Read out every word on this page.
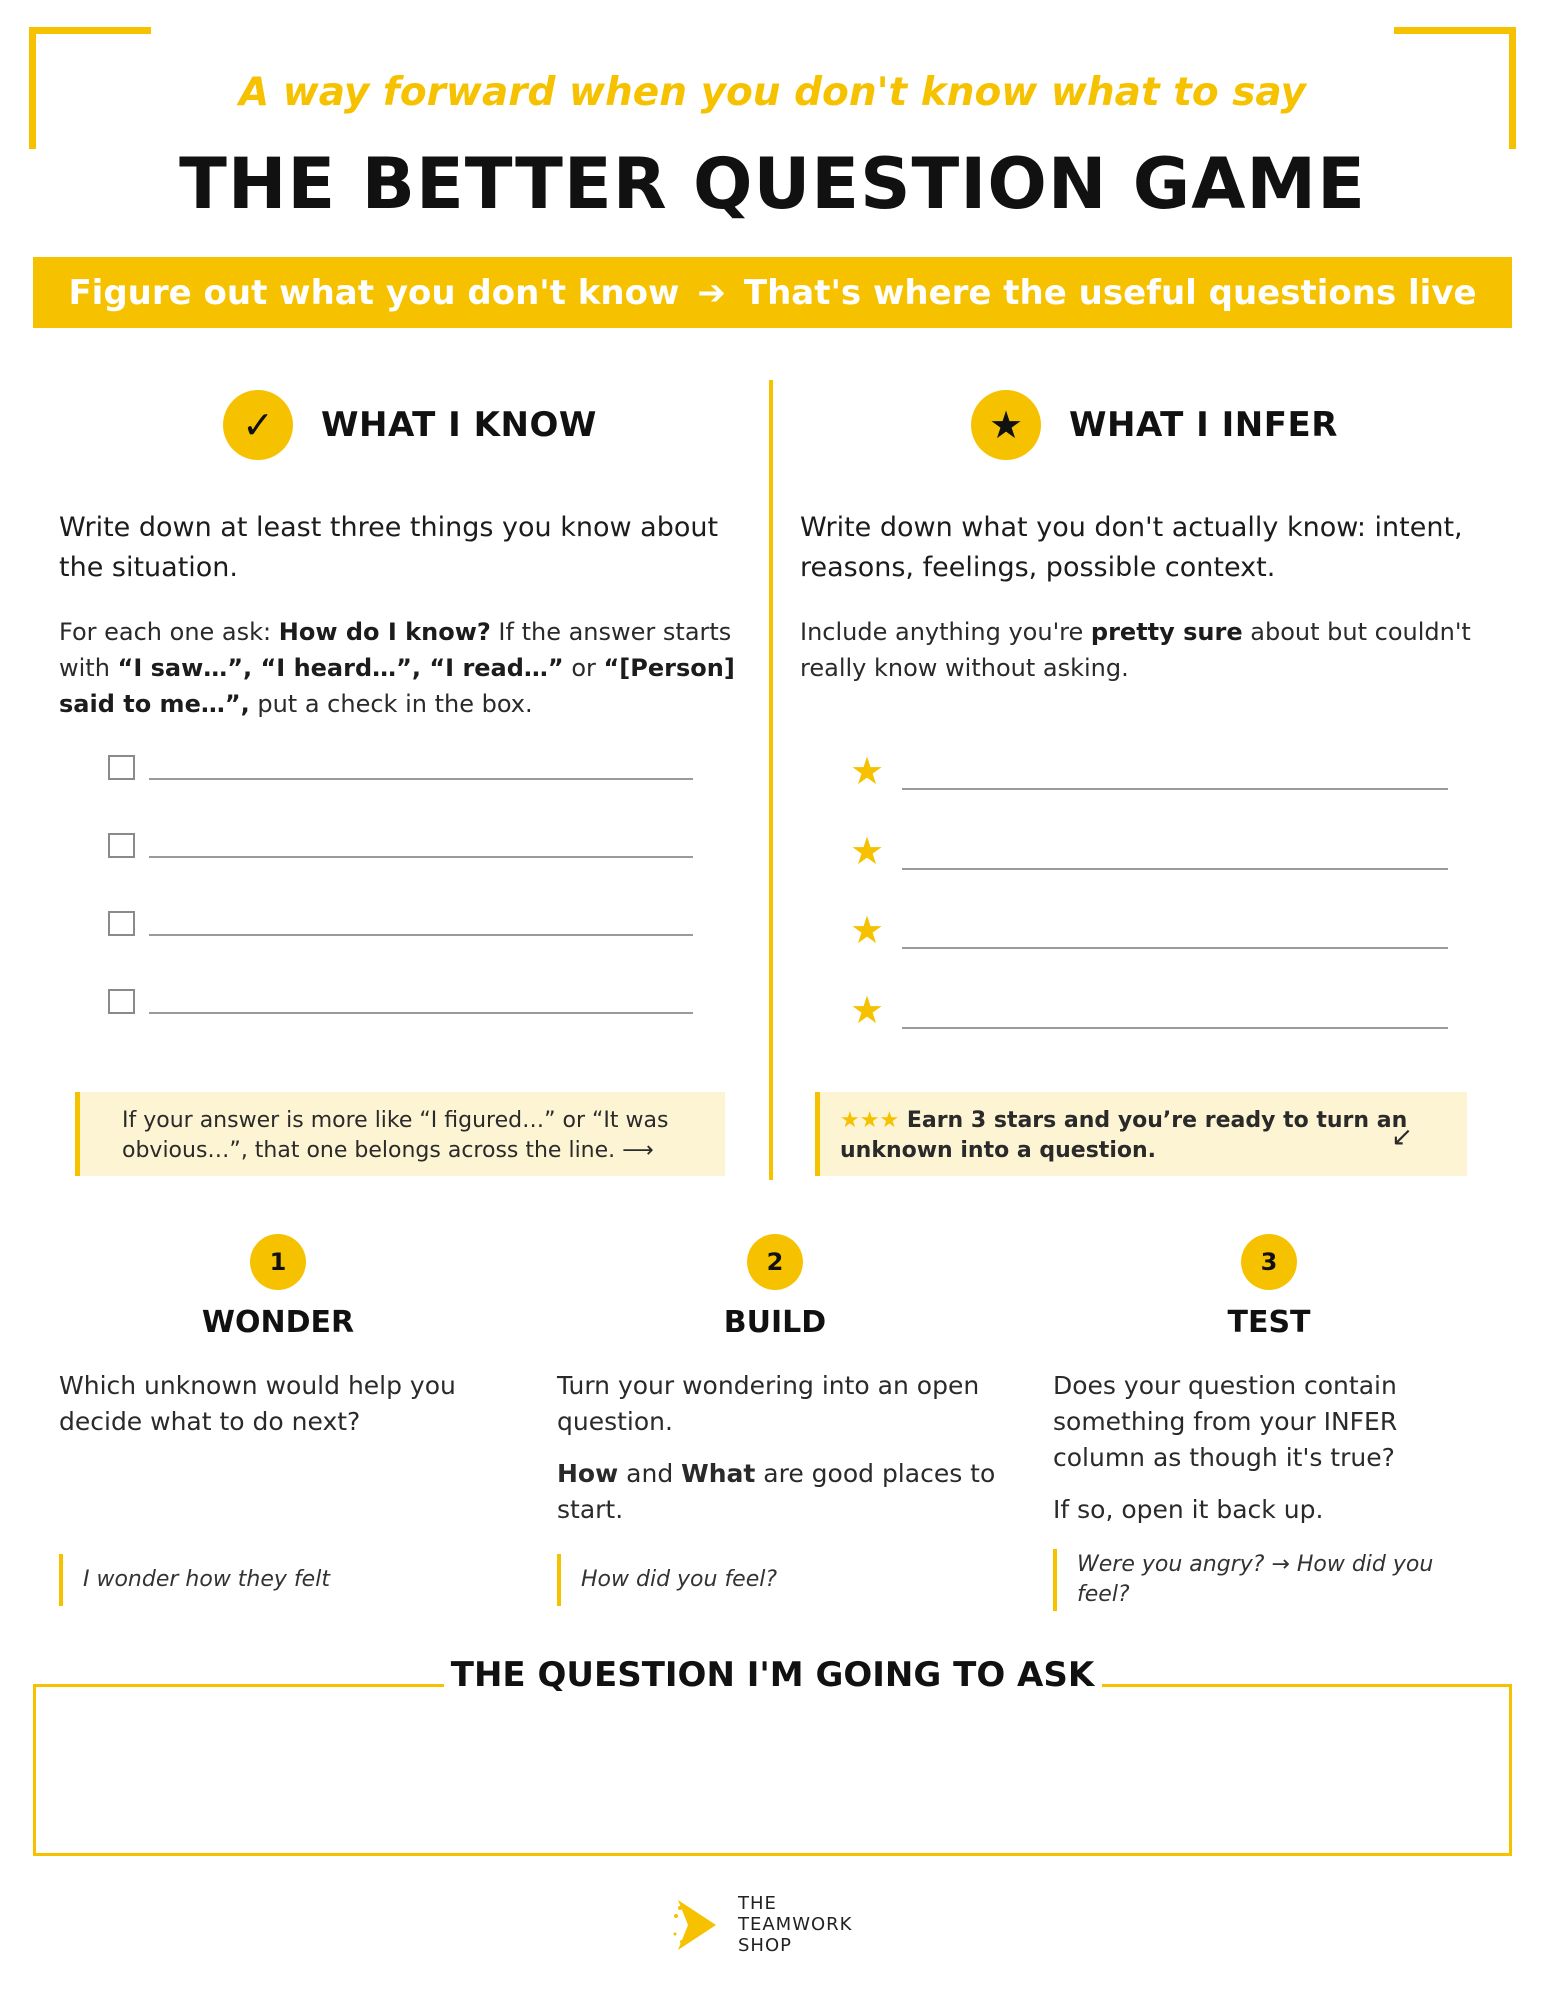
A way forward when you don't know what to say
THE BETTER QUESTION GAME
Figure out what you don't know ➔ That's where the useful questions live
✓	WHAT I KNOW
Write down at least three things you know about the situation.
For each one ask: How do I know? If the answer starts with “I saw…”, “I heard…”, “I read…” or “[Person] said to me…”, put a check in the box.
★	WHAT I INFER
Write down what you don't actually know: intent, reasons, feelings, possible context.
Include anything you're pretty sure about but couldn't really know without asking.
★
★
★
★
If your answer is more like “I figured…” or “It was obvious…”, that one belongs across the line. ⟶
★★★ Earn 3 stars and you’re ready to turn an unknown into a question.	↙
1
WONDER

Which unknown would help you decide what to do next?

I wonder how they felt
2
BUILD

Turn your wondering into an open question.

How and What are good places to start.

How did you feel?
3
TEST

Does your question contain something from your INFER column as though it's true?

If so, open it back up.

Were you angry? → How did you feel?
THE QUESTION I'M GOING TO ASK
THE
TEAMWORK
SHOP
